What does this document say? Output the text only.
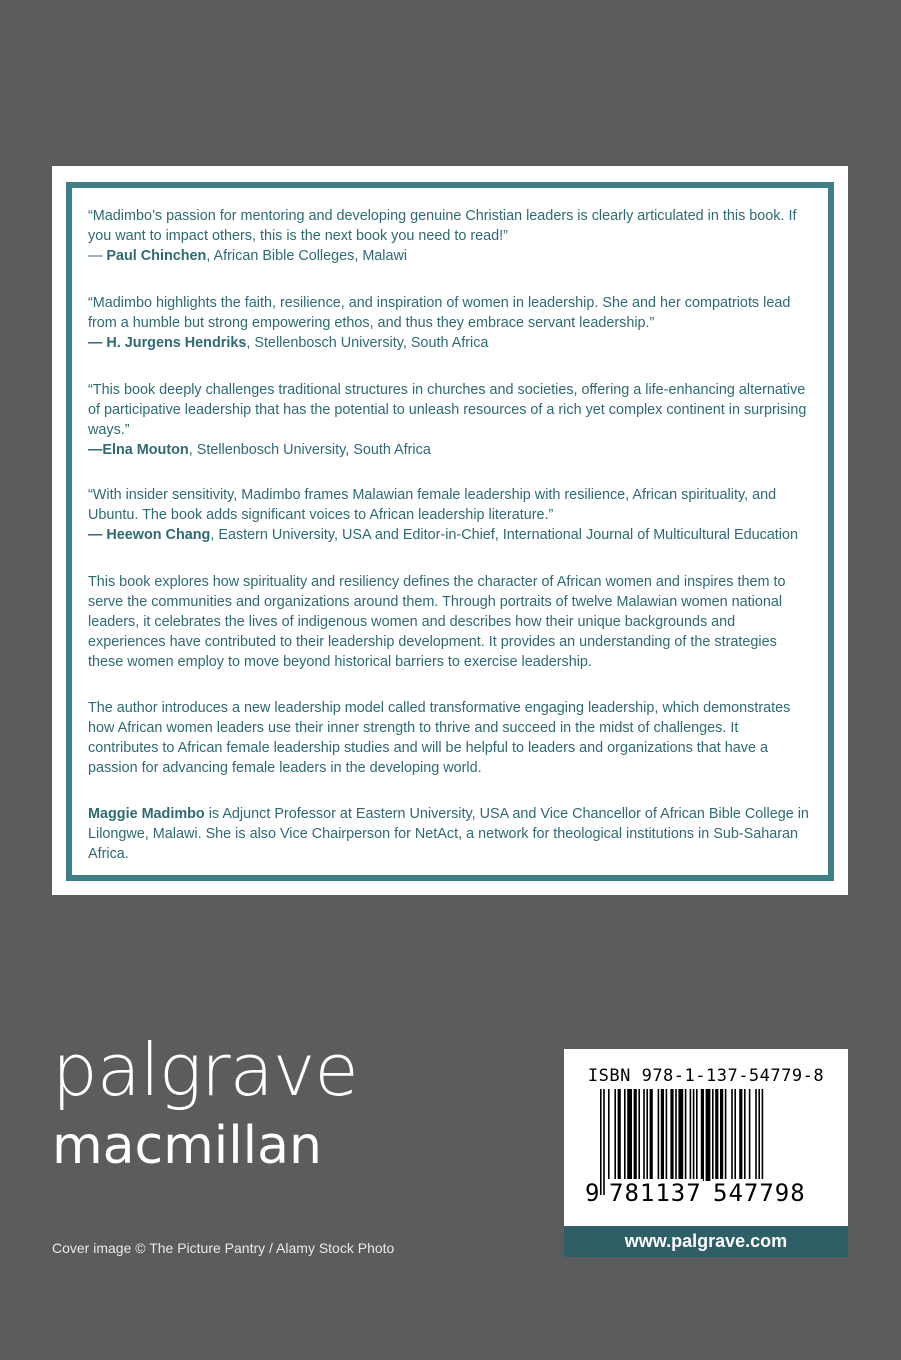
“Madimbo’s passion for mentoring and developing genuine Christian leaders is clearly articulated in this book. If you want to impact others, this is the next book you need to read!”

— Paul Chinchen, African Bible Colleges, Malawi

“Madimbo highlights the faith, resilience, and inspiration of women in leadership. She and her compatriots lead from a humble but strong empowering ethos, and thus they embrace servant leadership.”

— H. Jurgens Hendriks, Stellenbosch University, South Africa

“This book deeply challenges traditional structures in churches and societies, offering a life-enhancing alternative of participative leadership that has the potential to unleash resources of a rich yet complex continent in surprising ways.”

—Elna Mouton, Stellenbosch University, South Africa

“With insider sensitivity, Madimbo frames Malawian female leadership with resilience, African spirituality, and Ubuntu. The book adds significant voices to African leadership literature.”

— Heewon Chang, Eastern University, USA and Editor-in-Chief, International Journal of Multicultural Education

This book explores how spirituality and resiliency defines the character of African women and inspires them to serve the communities and organizations around them. Through portraits of twelve Malawian women national leaders, it celebrates the lives of indigenous women and describes how their unique backgrounds and experiences have contributed to their leadership development. It provides an understanding of the strategies these women employ to move beyond historical barriers to exercise leadership.

The author introduces a new leadership model called transformative engaging leadership, which demonstrates how African women leaders use their inner strength to thrive and succeed in the midst of challenges. It contributes to African female leadership studies and will be helpful to leaders and organizations that have a passion for advancing female leaders in the developing world.

Maggie Madimbo is Adjunct Professor at Eastern University, USA and Vice Chancellor of African Bible College in Lilongwe, Malawi. She is also Vice Chairperson for NetAct, a network for theological institutions in Sub-Saharan Africa.

palgrave
macmillan
Cover image © The Picture Pantry / Alamy Stock Photo
ISBN 978-1-137-54779-8
9 781137 547798
www.palgrave.com
